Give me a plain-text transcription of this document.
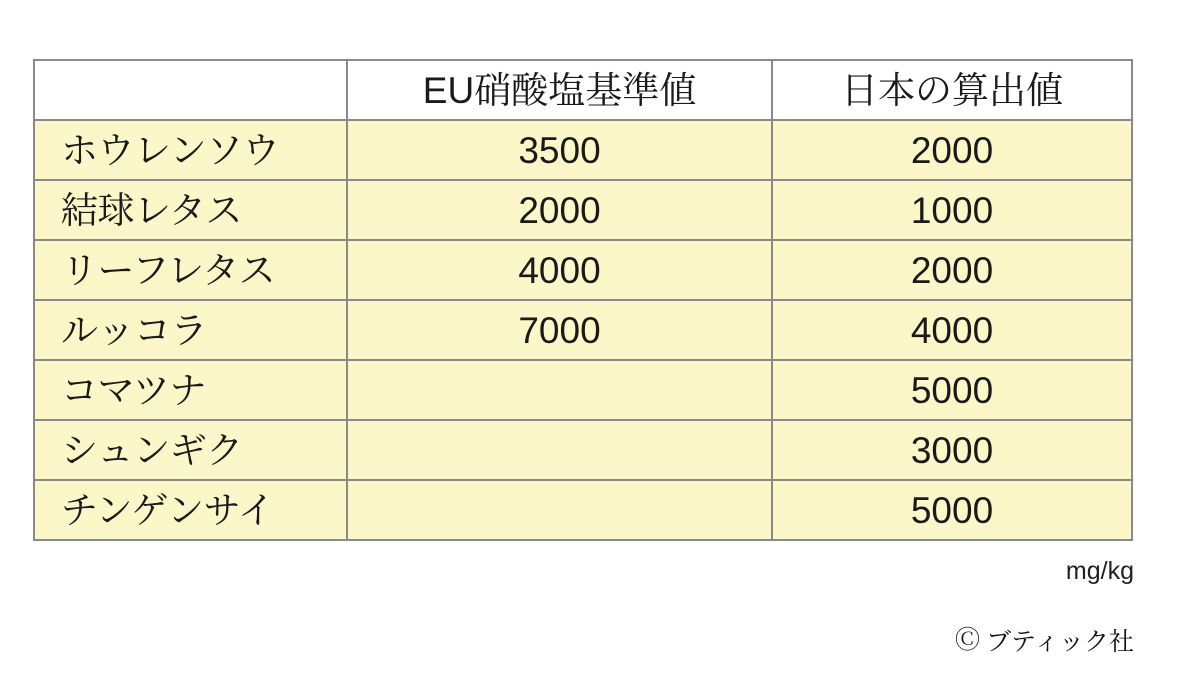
	EU硝酸塩基準値	日本の算出値
ホウレンソウ	3500	2000
結球レタス	2000	1000
リーフレタス	4000	2000
ルッコラ	7000	4000
コマツナ		5000
シュンギク		3000
チンゲンサイ		5000
mg/kg
Ⓒ ブティック社
